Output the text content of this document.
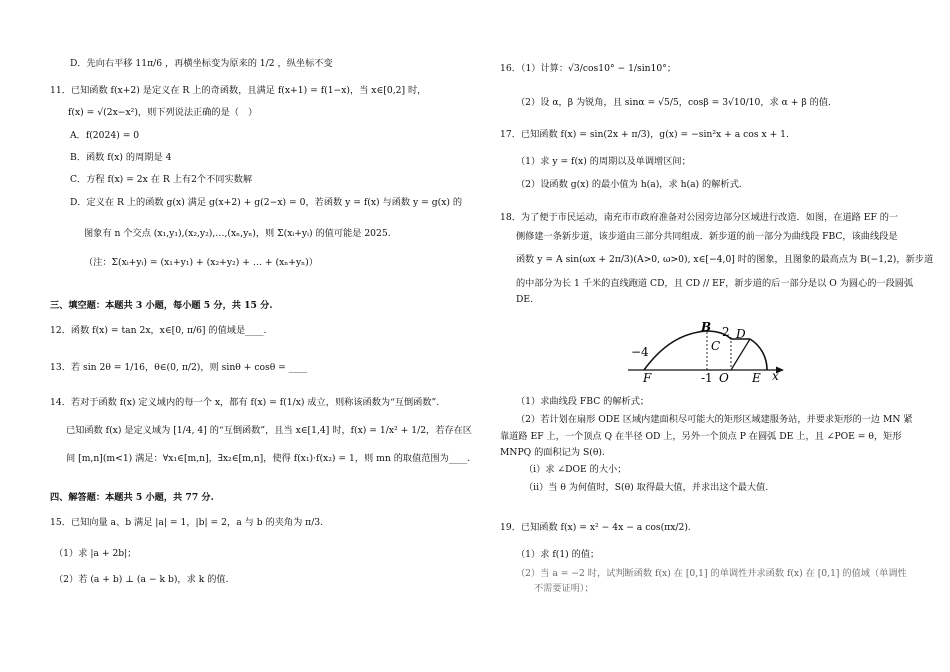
D．先向右平移 11π/6 ，再横坐标变为原来的 1/2 ，纵坐标不变
11．已知函数 f(x+2) 是定义在 R 上的奇函数，且满足 f(x+1) = f(1−x)，当 x∈[0,2] 时，
f(x) = √(2x−x²)，则下列说法正确的是（　）
A．f(2024) = 0
B．函数 f(x) 的周期是 4
C．方程 f(x) = 2x 在 R 上有2个不同实数解
D．定义在 R 上的函数 g(x) 满足 g(x+2) + g(2−x) = 0，若函数 y = f(x) 与函数 y = g(x) 的
图象有 n 个交点 (x₁,y₁),(x₂,y₂),…,(xₙ,yₙ)，则 Σ(xᵢ+yᵢ) 的值可能是 2025.
（注：Σ(xᵢ+yᵢ) = (x₁+y₁) + (x₂+y₂) + … + (xₙ+yₙ)）
三、填空题：本题共 3 小题，每小题 5 分，共 15 分.
12．函数 f(x) = tan 2x，x∈[0, π/6] 的值域是____.
13．若 sin 2θ = 1/16，θ∈(0, π/2)，则 sinθ + cosθ = ____
14．若对于函数 f(x) 定义域内的每一个 x，都有 f(x) = f(1/x) 成立，则称该函数为“互倒函数”.
已知函数 f(x) 是定义域为 [1/4, 4] 的“互倒函数”，且当 x∈[1,4] 时，f(x) = 1/x² + 1/2，若存在区
间 [m,n](m<1) 满足：∀x₁∈[m,n]，∃x₂∈[m,n]，使得 f(x₁)·f(x₂) = 1，则 mn 的取值范围为____.
四、解答题：本题共 5 小题，共 77 分.
15．已知向量 a、b 满足 |a| = 1，|b| = 2，a 与 b 的夹角为 π/3.
（1）求 |a + 2b|；
（2）若 (a + b) ⊥ (a − k b)，求 k 的值.
16．（1）计算：√3/cos10° − 1/sin10°；
（2）设 α，β 为锐角，且 sinα = √5/5，cosβ = 3√10/10，求 α + β 的值.
17．已知函数 f(x) = sin(2x + π/3)，g(x) = −sin²x + a cos x + 1.
（1）求 y = f(x) 的周期以及单调增区间；
（2）设函数 g(x) 的最小值为 h(a)，求 h(a) 的解析式.
18．为了便于市民运动，南充市市政府准备对公园旁边部分区域进行改造．如图，在道路 EF 的一
侧修建一条新步道，该步道由三部分共同组成．新步道的前一部分为曲线段 FBC，该曲线段是
函数 y = A sin(ωx + 2π/3)(A>0, ω>0), x∈[−4,0] 时的图象，且图象的最高点为 B(−1,2)，新步道
的中部分为长 1 千米的直线跑道 CD，且 CD // EF，新步道的后一部分是以 O 为圆心的一段圆弧
DE.
−4
B 2 D
C
F	-1 O E x
（1）求曲线段 FBC 的解析式；
（2）若计划在扇形 ODE 区域内建面积尽可能大的矩形区域建服务站，并要求矩形的一边 MN 紧
靠道路 EF 上，一个顶点 Q 在半径 OD 上，另外一个顶点 P 在圆弧 DE 上，且 ∠POE = θ，矩形
MNPQ 的面积记为 S(θ).
（i）求 ∠DOE 的大小；
（ii）当 θ 为何值时，S(θ) 取得最大值，并求出这个最大值.
19．已知函数 f(x) = x² − 4x − a cos(πx/2).
（1）求 f(1) 的值；
（2）当 a = −2 时，试判断函数 f(x) 在 [0,1] 的单调性并求函数 f(x) 在 [0,1] 的值域（单调性
不需要证明）；
